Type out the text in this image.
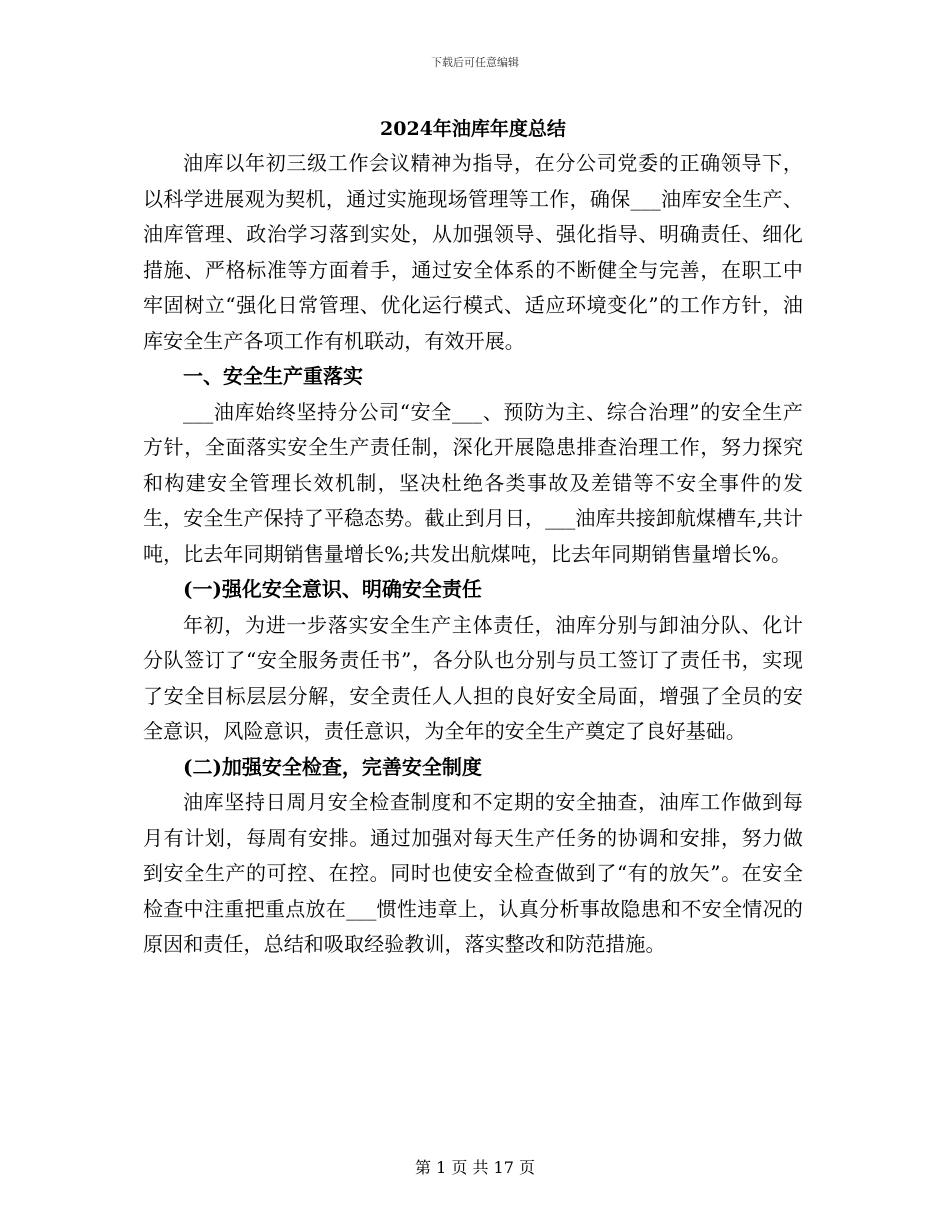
下载后可任意编辑
2024年油库年度总结

油库以年初三级工作会议精神为指导，在分公司党委的正确领导下，以科学进展观为契机，通过实施现场管理等工作，确保___油库安全生产、油库管理、政治学习落到实处，从加强领导、强化指导、明确责任、细化措施、严格标准等方面着手，通过安全体系的不断健全与完善，在职工中牢固树立“强化日常管理、优化运行模式、适应环境变化”的工作方针，油库安全生产各项工作有机联动，有效开展。

一、安全生产重落实

___油库始终坚持分公司“安全___、预防为主、综合治理”的安全生产方针，全面落实安全生产责任制，深化开展隐患排查治理工作，努力探究和构建安全管理长效机制，坚决杜绝各类事故及差错等不安全事件的发生，安全生产保持了平稳态势。截止到月日，___油库共接卸航煤槽车,共计吨，比去年同期销售量增长%;共发出航煤吨，比去年同期销售量增长%。

(一)强化安全意识、明确安全责任

年初，为进一步落实安全生产主体责任，油库分别与卸油分队、化计分队签订了“安全服务责任书”，各分队也分别与员工签订了责任书，实现了安全目标层层分解，安全责任人人担的良好安全局面，增强了全员的安全意识，风险意识，责任意识，为全年的安全生产奠定了良好基础。

(二)加强安全检查，完善安全制度

油库坚持日周月安全检查制度和不定期的安全抽查，油库工作做到每月有计划，每周有安排。通过加强对每天生产任务的协调和安排，努力做到安全生产的可控、在控。同时也使安全检查做到了“有的放矢”。在安全检查中注重把重点放在___惯性违章上，认真分析事故隐患和不安全情况的原因和责任，总结和吸取经验教训，落实整改和防范措施。

第 1 页 共 17 页
